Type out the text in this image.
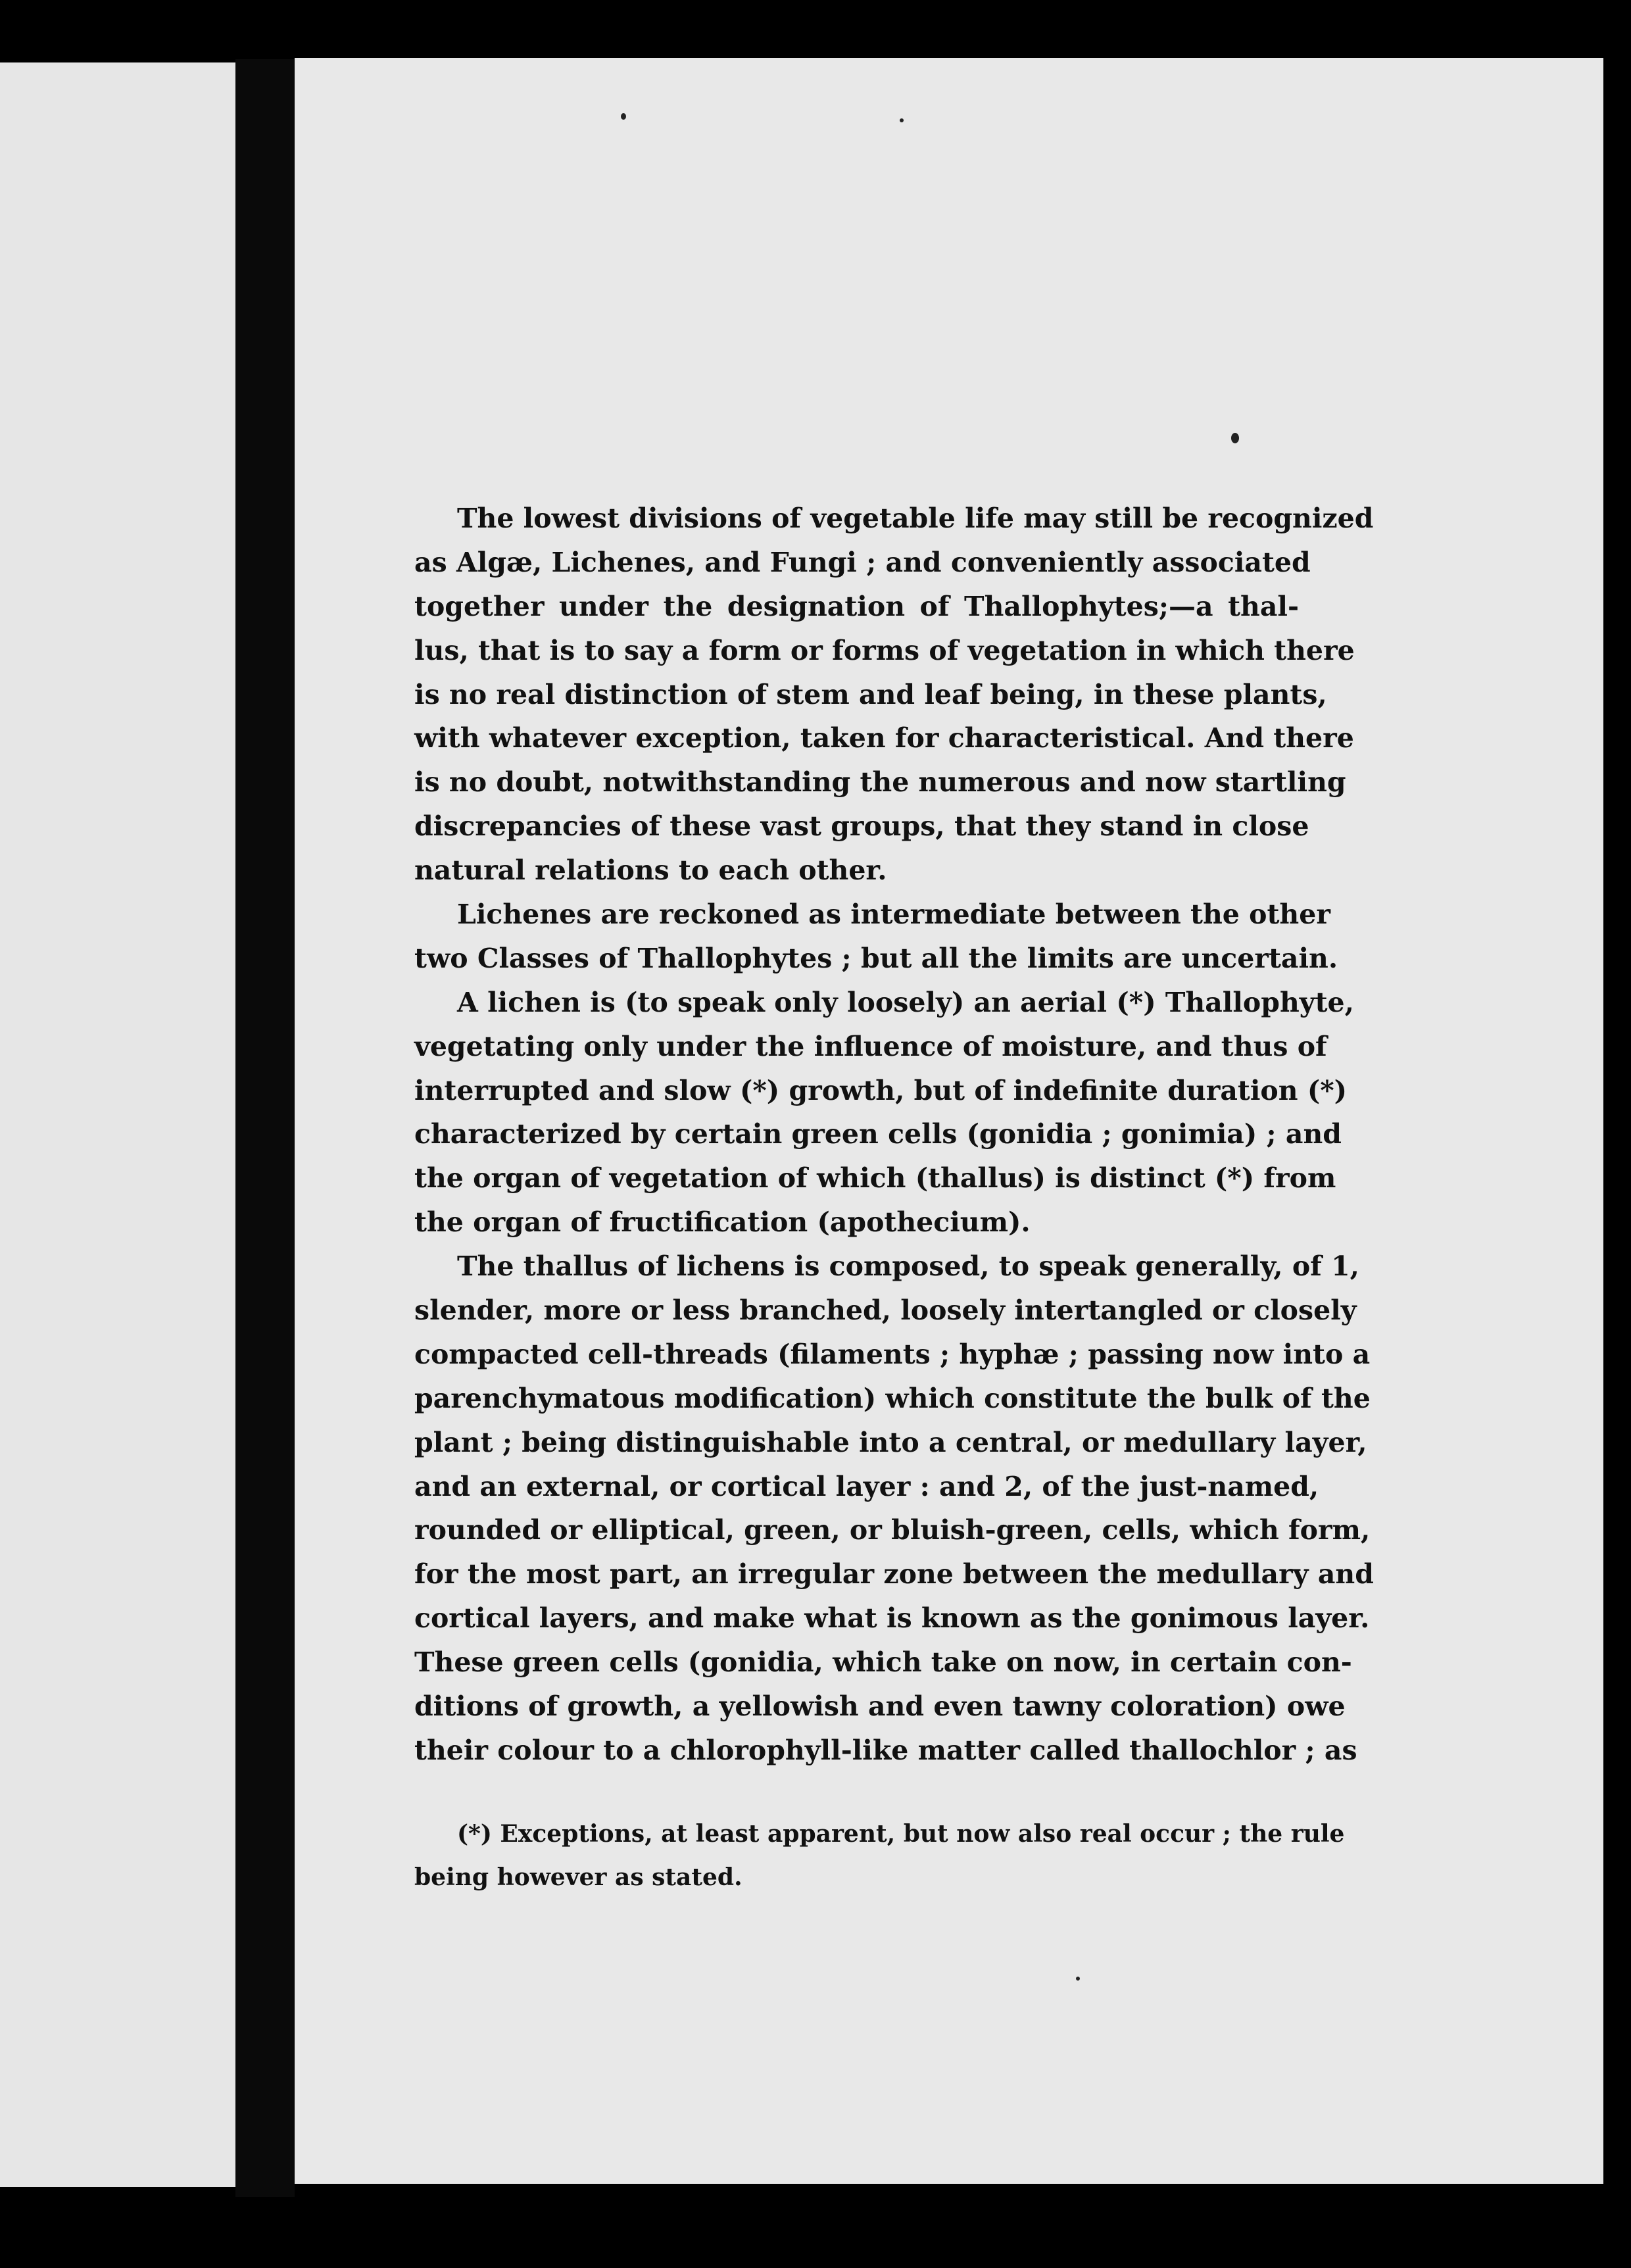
The lowest divisions of vegetable life may still be recognized
as Algæ, Lichenes, and Fungi ; and conveniently associated
together under the designation of Thallophytes;—a thal-
lus, that is to say a form or forms of vegetation in which there
is no real distinction of stem and leaf being, in these plants,
with whatever exception, taken for characteristical. And there
is no doubt, notwithstanding the numerous and now startling
discrepancies of these vast groups, that they stand in close
natural relations to each other.
Lichenes are reckoned as intermediate between the other
two Classes of Thallophytes ; but all the limits are uncertain.
A lichen is (to speak only loosely) an aerial (*) Thallophyte,
vegetating only under the influence of moisture, and thus of
interrupted and slow (*) growth, but of indefinite duration (*)
characterized by certain green cells (gonidia ; gonimia) ; and
the organ of vegetation of which (thallus) is distinct (*) from
the organ of fructification (apothecium).
The thallus of lichens is composed, to speak generally, of 1,
slender, more or less branched, loosely intertangled or closely
compacted cell-threads (filaments ; hyphæ ; passing now into a
parenchymatous modification) which constitute the bulk of the
plant ; being distinguishable into a central, or medullary layer,
and an external, or cortical layer : and 2, of the just-named,
rounded or elliptical, green, or bluish-green, cells, which form,
for the most part, an irregular zone between the medullary and
cortical layers, and make what is known as the gonimous layer.
These green cells (gonidia, which take on now, in certain con-
ditions of growth, a yellowish and even tawny coloration) owe
their colour to a chlorophyll-like matter called thallochlor ; as
(*) Exceptions, at least apparent, but now also real occur ; the rule
being however as stated.
